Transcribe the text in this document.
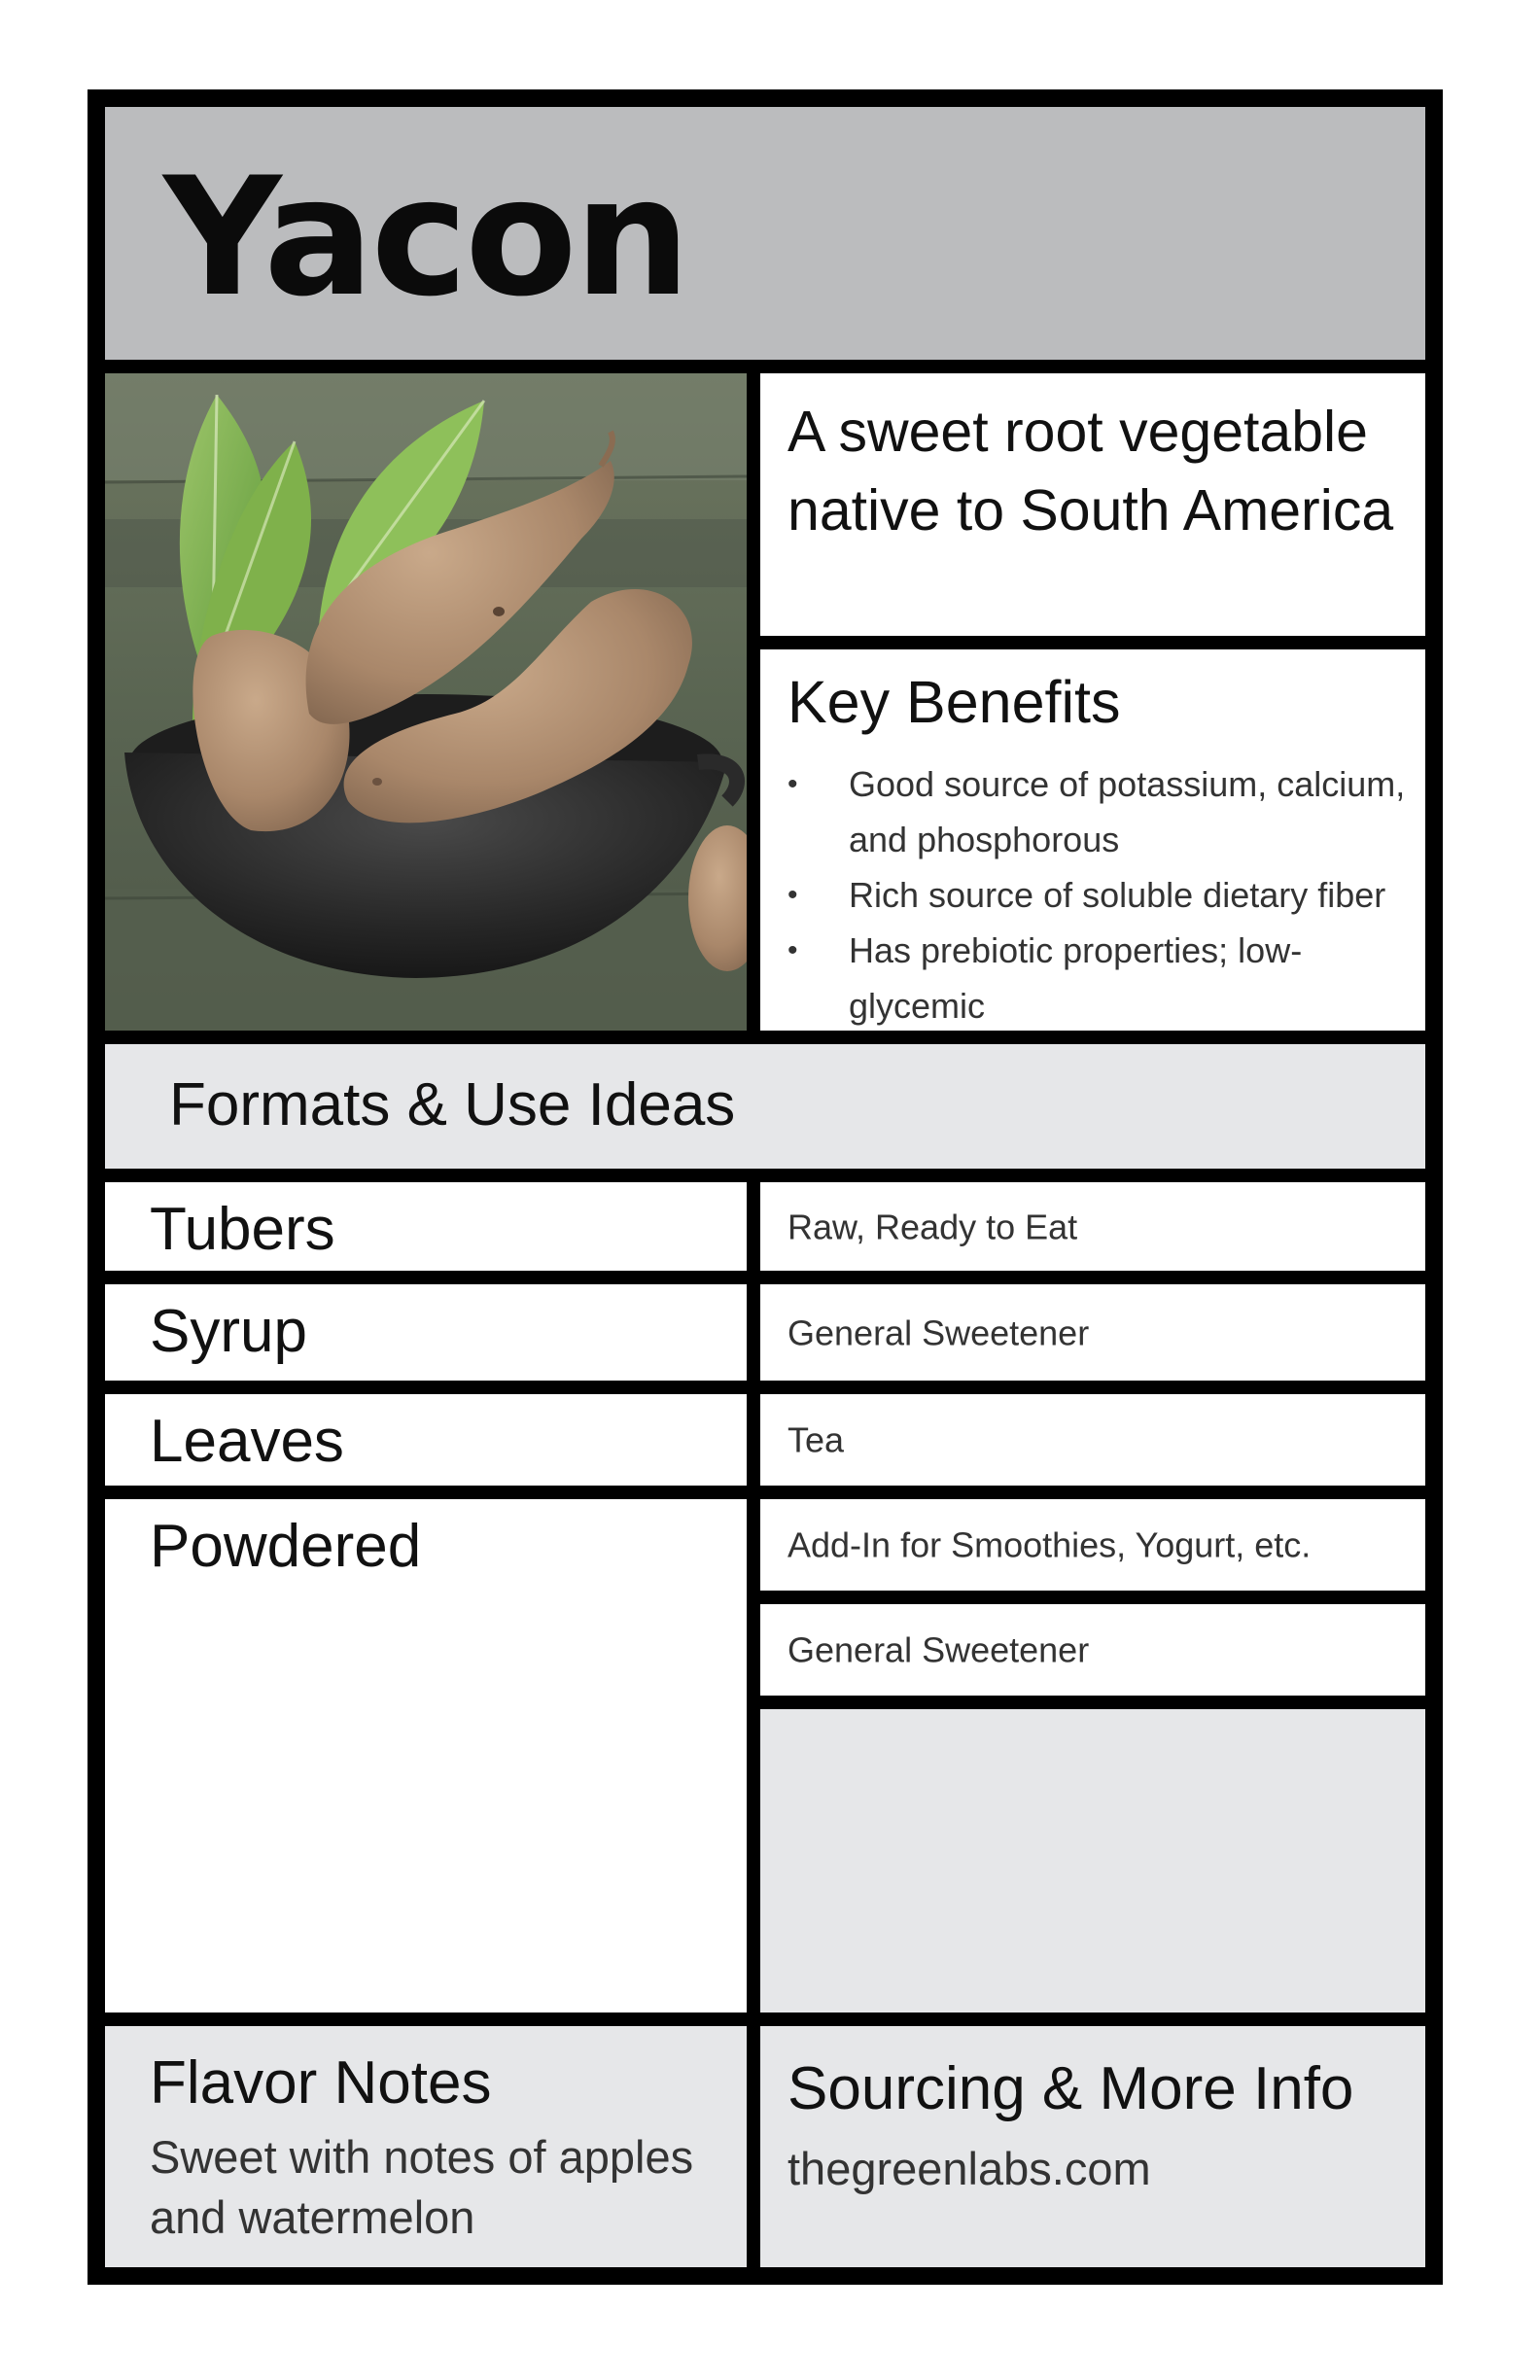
Yacon
A sweet root vegetable native to South America
Key Benefits
• Good source of potassium, calcium, and phosphorous
• Rich source of soluble dietary fiber
• Has prebiotic properties; low-glycemic
Formats & Use Ideas
Tubers
Syrup
Leaves
Powdered
Raw, Ready to Eat
General Sweetener
Tea
Add-In for Smoothies, Yogurt, etc.
General Sweetener
Flavor Notes
Sweet with notes of apples and watermelon
Sourcing & More Info
thegreenlabs.com
